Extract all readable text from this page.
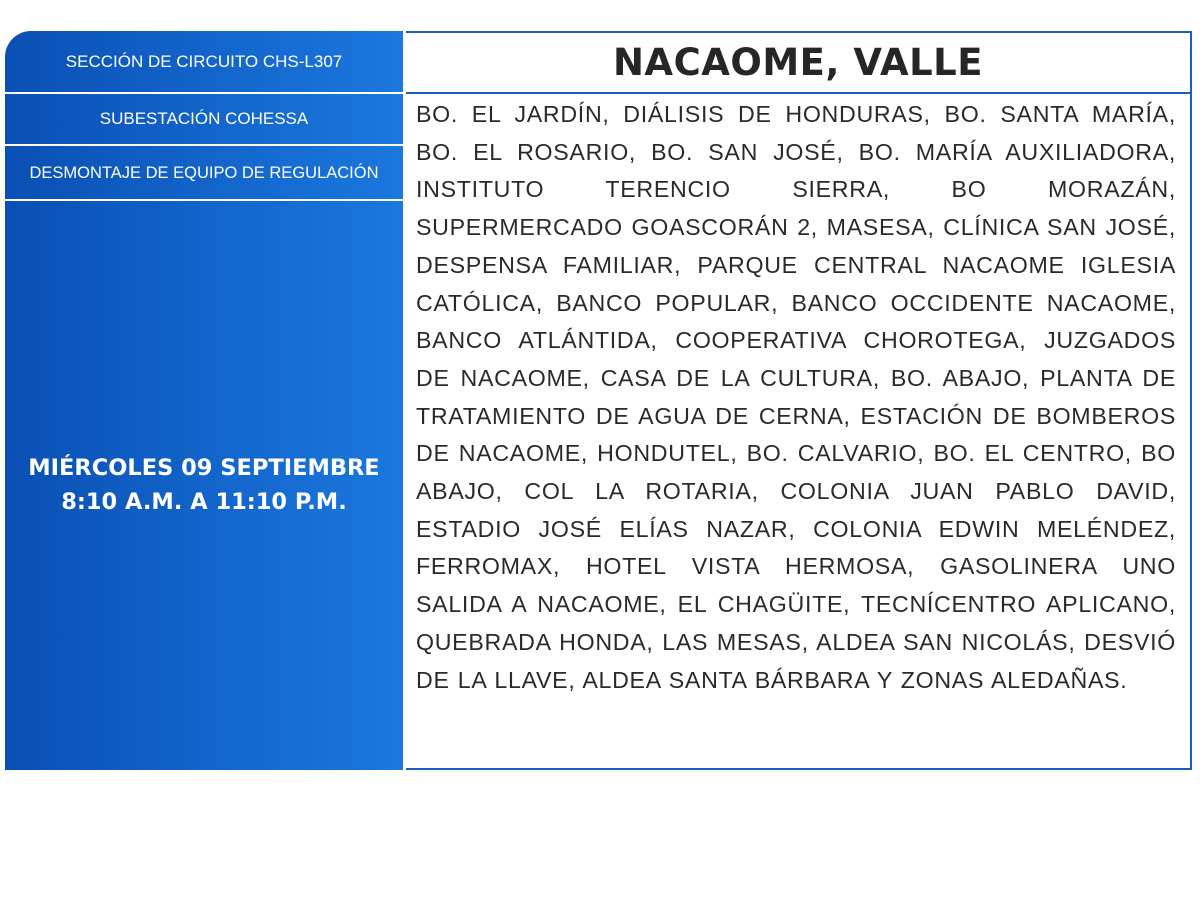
SECCIÓN DE CIRCUITO CHS-L307
SUBESTACIÓN COHESSA
DESMONTAJE DE EQUIPO DE REGULACIÓN
MIÉRCOLES 09 SEPTIEMBRE
8:10 A.M. A 11:10 P.M.
NACAOME, VALLE
BO. EL JARDÍN, DIÁLISIS DE HONDURAS, BO. SANTA MARÍA, BO. EL ROSARIO, BO. SAN JOSÉ, BO. MARÍA AUXILIADORA, INSTITUTO TERENCIO SIERRA, BO MORAZÁN, SUPERMERCADO GOASCORÁN 2, MASESA, CLÍNICA SAN JOSÉ, DESPENSA FAMILIAR, PARQUE CENTRAL NACAOME IGLESIA CATÓLICA, BANCO POPULAR, BANCO OCCIDENTE NACAOME, BANCO ATLÁNTIDA, COOPERATIVA CHOROTEGA, JUZGADOS DE NACAOME, CASA DE LA CULTURA, BO. ABAJO, PLANTA DE TRATAMIENTO DE AGUA DE CERNA, ESTACIÓN DE BOMBEROS DE NACAOME, HONDUTEL, BO. CALVARIO, BO. EL CENTRO, BO ABAJO, COL LA ROTARIA, COLONIA JUAN PABLO DAVID, ESTADIO JOSÉ ELÍAS NAZAR, COLONIA EDWIN MELÉNDEZ, FERROMAX, HOTEL VISTA HERMOSA, GASOLINERA UNO SALIDA A NACAOME, EL CHAGÜITE, TECNÍCENTRO APLICANO, QUEBRADA HONDA, LAS MESAS, ALDEA SAN NICOLÁS, DESVIÓ DE LA LLAVE, ALDEA SANTA BÁRBARA Y ZONAS ALEDAÑAS.
